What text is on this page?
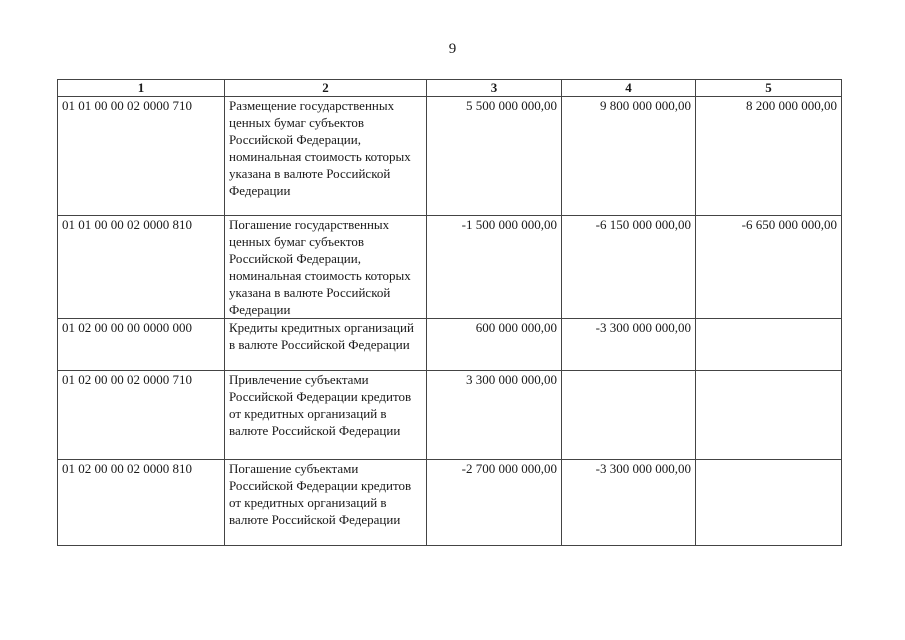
9
1	2	3	4	5
01 01 00 00 02 0000 710	Размещение государственных ценных бумаг субъектов Российской Федерации, номинальная стоимость которых указана в валюте Российской Федерации	5 500 000 000,00	9 800 000 000,00	8 200 000 000,00
01 01 00 00 02 0000 810	Погашение государственных ценных бумаг субъектов Российской Федерации, номинальная стоимость которых указана в валюте Российской Федерации	-1 500 000 000,00	-6 150 000 000,00	-6 650 000 000,00
01 02 00 00 00 0000 000	Кредиты кредитных организаций в валюте Российской Федерации	600 000 000,00	-3 300 000 000,00	
01 02 00 00 02 0000 710	Привлечение субъектами Российской Федерации кредитов от кредитных организаций в валюте Российской Федерации	3 300 000 000,00		
01 02 00 00 02 0000 810	Погашение субъектами Российской Федерации кредитов от кредитных организаций в валюте Российской Федерации	-2 700 000 000,00	-3 300 000 000,00	
